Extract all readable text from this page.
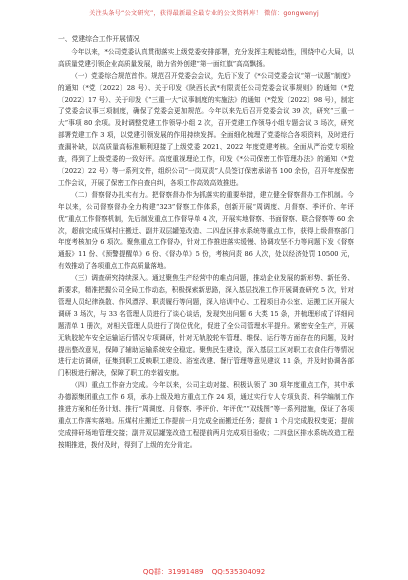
关注头条号“公文研究”，获得最新最全最专业的公文资料库！ 微信：gongwenyj
一、党建综合工作开展情况

今年以来，*公司党委认真贯彻落实上级党委安排部署，充分发挥主观能动性，围绕中心大局，以高质量党建引领企业高质量发展，助力省外创建“第一面红旗”高高飘扬。

（一）党委综合规范首作。规范召开党委会会议，先后下发了《*公司党委会议“第一议题”制度》的通知（*党〔2022〕28 号）、关于印发《陕西长武*有限责任公司党委会议事规则》的通知（*党〔2022〕17 号）、关于印发《“三重一大”议事制度的实施法》的通知（*党发〔2022〕98 号），制定了党委会议事三项制度，确保了党委会更加规范。今年以来先后召开党委会议 39 次，研究“三重一大”事项 80 余项。及时调整党建工作领导小组 2 次，召开党建工作领导小组专题会议 3 场次，研究部署党建工作 3 项，以党建引领发展的作用持续发挥。全面细化梳理了党委综合各项资料，及时进行查漏补缺，以高质量高标准顺利迎接了上级党委 2021、2022 年度党建考核。全面从严治党专项检查，得到了上级党委的一致好评。高度重视理论工作，印发《*公司保密工作管理办法》的通知（*党〔2022〕22 号）等一系列文件，组织公司“一岗双责”人员签订保密承诺书 100 余份，召开年度保密工作会议，开展了保密工作自查自纠，各项工作高效高效推进。

（二）督察督办扎实有力。把督察督办作为抓落实的重要举措，建立健全督察督办工作机制。今年以来，公司督察督办全力构建“323”督察工作体系，创新开展“周调度、月督察、季评价、年评优”重点工作督察机制，先后制发重点工作督导单 4 次，开展实地督察、书面督察、联合督察等 60 余次，超前完成压煤村庄搬迁、副井双层罐笼改造、二四盘区排水系统等重点工作，获得上级督察部门年度考核加分 6 项次。聚焦重点工作督办，针对工作推进落实缓慢、协调攻坚不力等问题下发《督察通报》11 份、《预警提醒单》6 份、《督办单》5 份，考核问责 86 人次，处以经济处罚 10500 元，有效推动了各项重点工作高质量落地。

（三）调查研究持续深入。通过聚焦生产经营中的难点问题，推动企业发展的新形势、新任务、新要求，精准把握公司全局工作动态，积极探索新思路，深入基层找准工作开展调查研究 5 次，针对管理人员纪律涣散、作风漂浮、职责履行等问题，深入培训中心、工程项目办公室、运搬工区开展大调研 3 场次，与 33 名管理人员进行了谈心谈话，发现突出问题 6 大类 15 条，并梳理形成了详细问题清单 1 册次，对相关管理人员进行了岗位优化，促进了全公司管理水平提升。紧密安全生产，开展无轨胶轮车安全运输运行情况专项调研，针对无轨胶轮车管理、维保、运行等方面存在的问题，及时提出整改意见，保障了辅助运输系统安全稳定。聚焦民生建设，深入基层工区对职工衣食住行等情况进行走访调研，征集到职工反映职工建设、浴室改建、餐厅管理等意见建议 11 条，并及时协调各部门积极进行解决，保障了职工的幸福安康。

（四）重点工作奋力完成。今年以来，公司主动对接、积极认领了 30 项年度重点工作，其中承办德源集团重点工作 6 项，承办上级及地方重点工作 24 项，通过实行专人专项负责、科学编制工作推进方案和任务计划、推行“周调度、月督察、季评价、年评优”“双线图”等一系列措施，保证了各项重点工作落实落地。压煤村庄搬迁工作提前一月完成全面搬迁任务；提前 1 个月完成股权变更；提前完成排矸场地管理交接；副井双层罐笼改造工程提前两月完成项目验收；二四盘区排水系统改造工程按期推进，拨付及时，得到了上级的充分肯定。

QQ群：31991489 QQ:535304092
